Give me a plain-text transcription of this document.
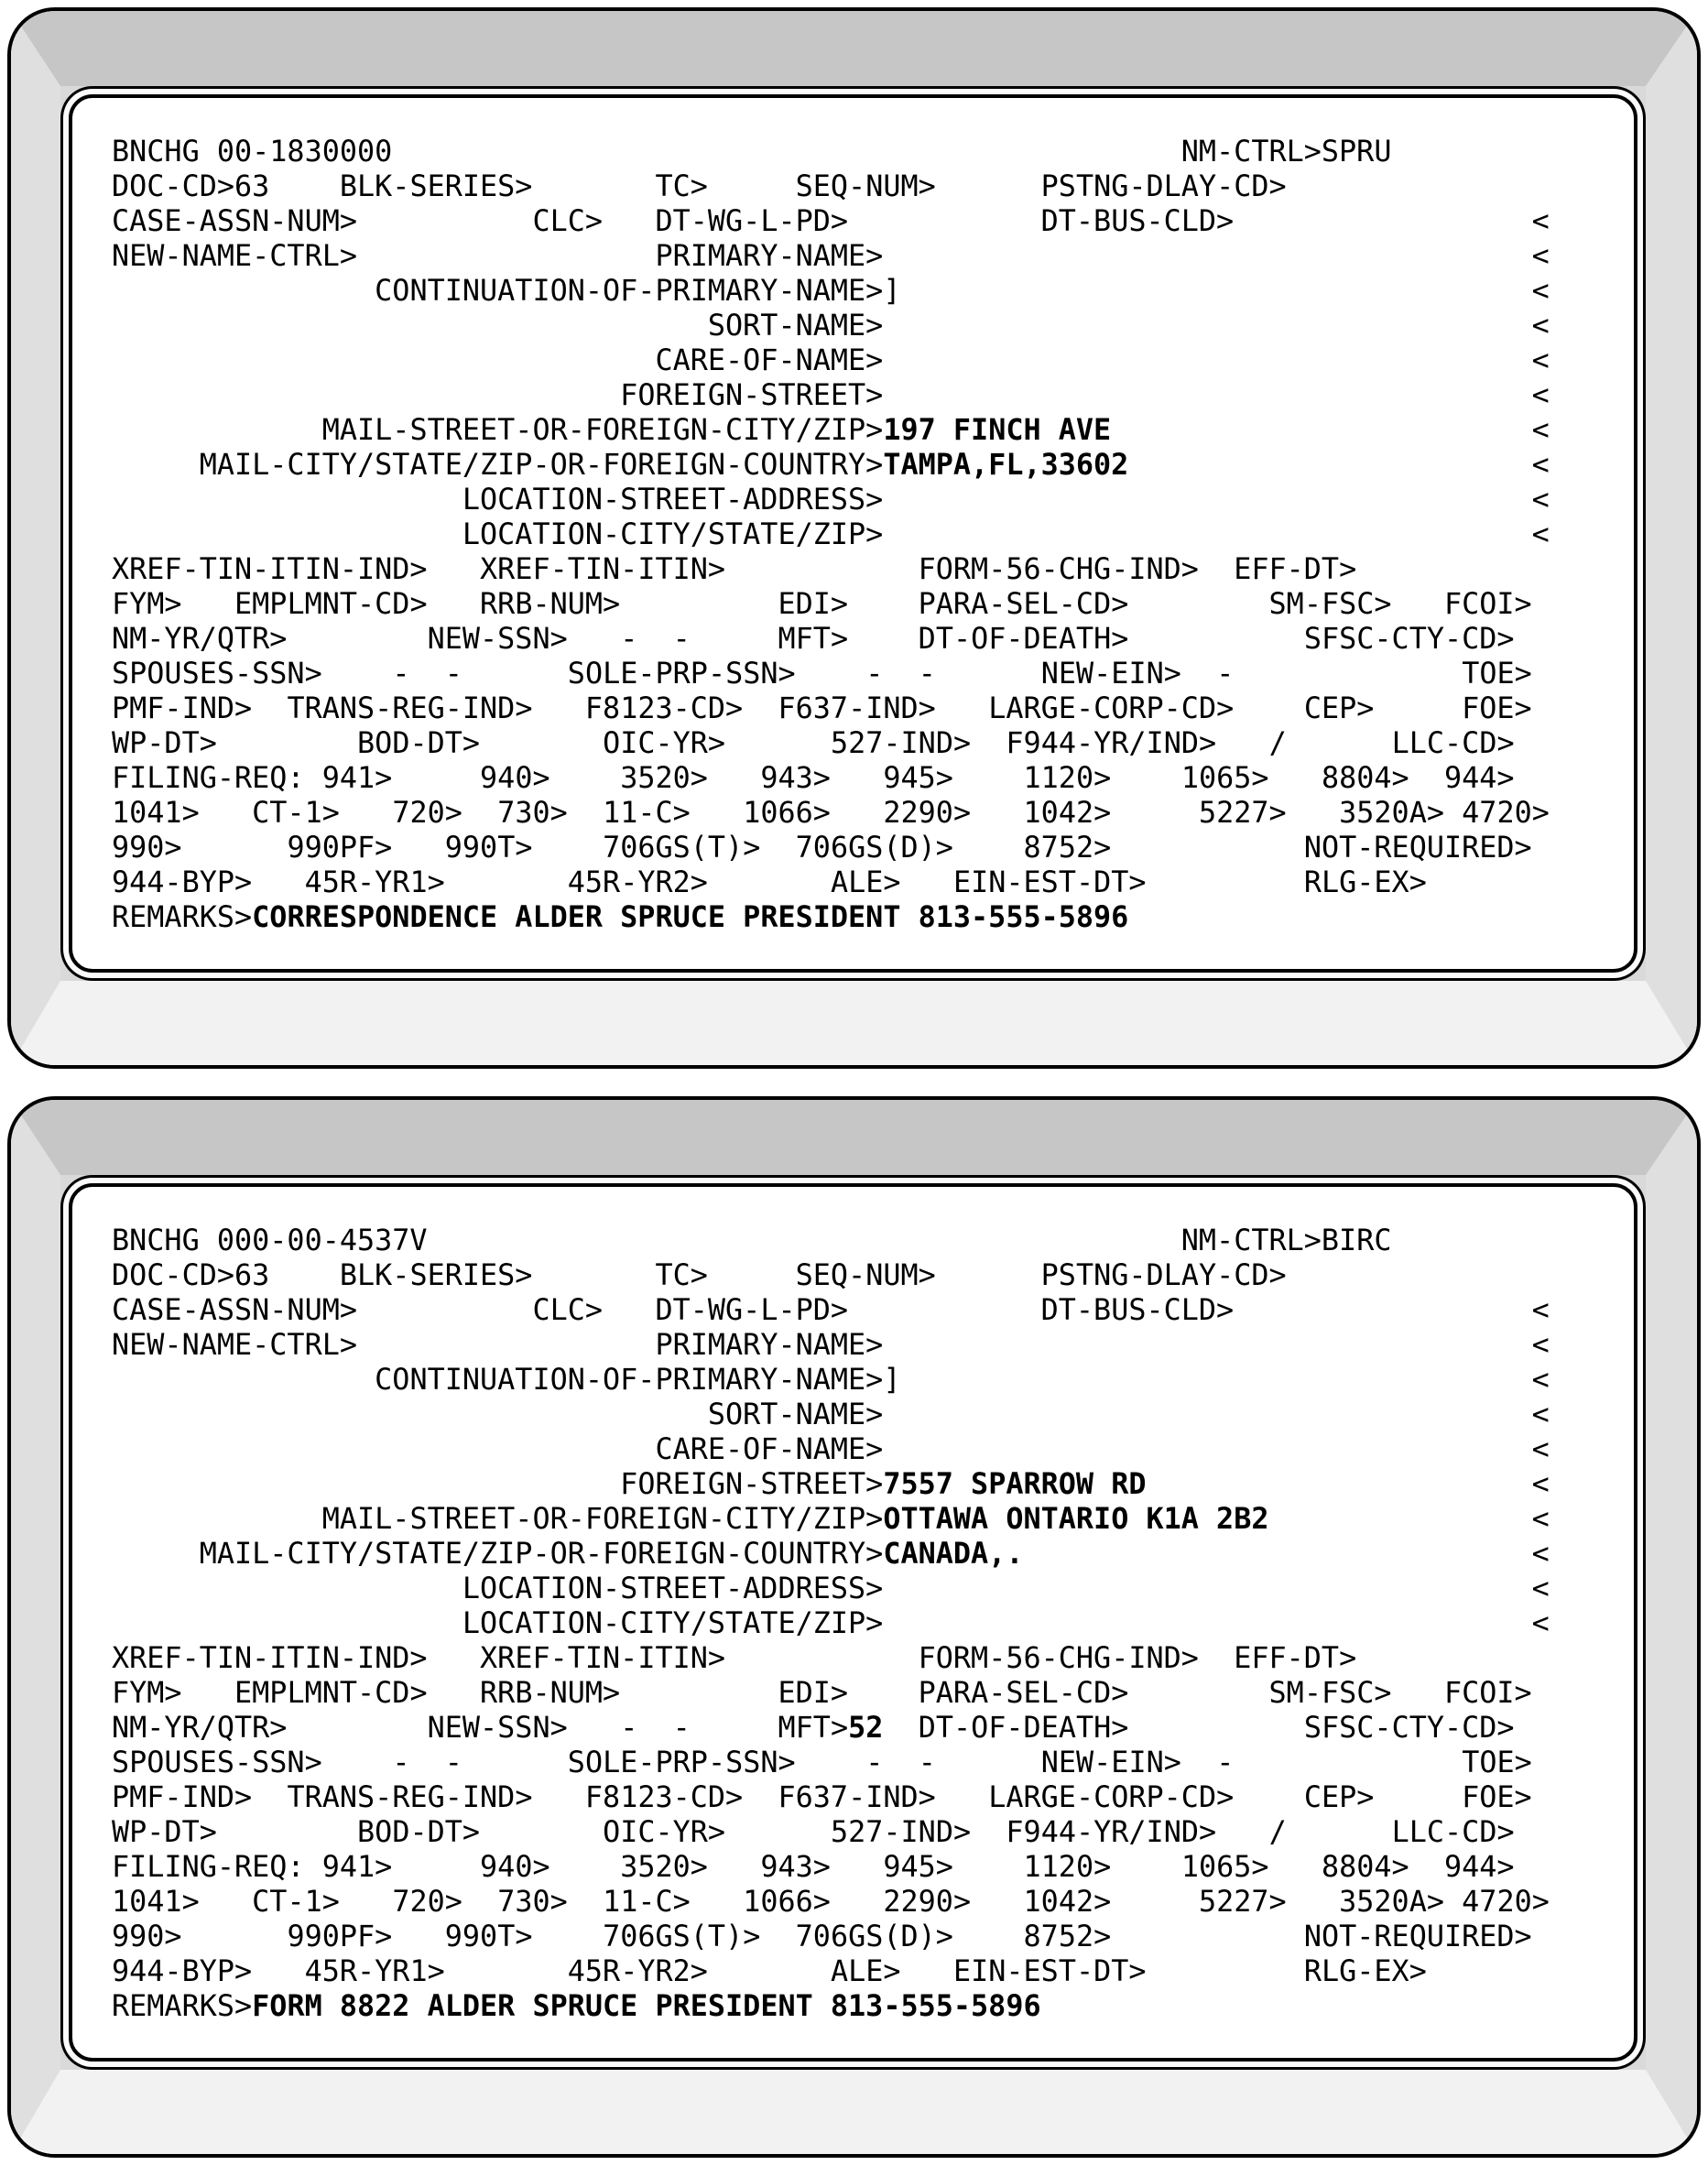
BNCHG 00-1830000	NM-CTRL>SPRU
DOC-CD>63 BLK-SERIES>	TC>	SEQ-NUM>	PSTNG-DLAY-CD>
CASE-ASSN-NUM>	CLC> DT-WG-L-PD>	DT-BUS-CLD>	<
NEW-NAME-CTRL>	PRIMARY-NAME>	<
CONTINUATION-OF-PRIMARY-NAME>]	<
SORT-NAME>	<
CARE-OF-NAME>	<
FOREIGN-STREET>	<
MAIL-STREET-OR-FOREIGN-CITY/ZIP>197 FINCH AVE	<
MAIL-CITY/STATE/ZIP-OR-FOREIGN-COUNTRY>TAMPA,FL,33602	<
LOCATION-STREET-ADDRESS>	<
LOCATION-CITY/STATE/ZIP>	<
XREF-TIN-ITIN-IND> XREF-TIN-ITIN>	FORM-56-CHG-IND> EFF-DT>
FYM> EMPLMNT-CD> RRB-NUM>	EDI> PARA-SEL-CD>	SM-FSC> FCOI>
NM-YR/QTR>	NEW-SSN> - -	MFT> DT-OF-DEATH>	SFSC-CTY-CD>
SPOUSES-SSN> - -	SOLE-PRP-SSN> - -	NEW-EIN> -	TOE>
PMF-IND> TRANS-REG-IND> F8123-CD> F637-IND> LARGE-CORP-CD> CEP>	FOE>
WP-DT>	BOD-DT>	OIC-YR>	527-IND> F944-YR/IND> /	LLC-CD>
FILING-REQ: 941>	940> 3520> 943> 945> 1120> 1065> 8804> 944>
1041> CT-1> 720> 730> 11-C> 1066> 2290> 1042>	5227> 3520A> 4720>
990>	990PF> 990T> 706GS(T)> 706GS(D)> 8752>	NOT-REQUIRED>
944-BYP> 45R-YR1>	45R-YR2>	ALE> EIN-EST-DT>	RLG-EX>
REMARKS>CORRESPONDENCE ALDER SPRUCE PRESIDENT 813-555-5896
BNCHG 000-00-4537V	NM-CTRL>BIRC
DOC-CD>63 BLK-SERIES>	TC>	SEQ-NUM>	PSTNG-DLAY-CD>
CASE-ASSN-NUM>	CLC> DT-WG-L-PD>	DT-BUS-CLD>	<
NEW-NAME-CTRL>	PRIMARY-NAME>	<
CONTINUATION-OF-PRIMARY-NAME>]	<
SORT-NAME>	<
CARE-OF-NAME>	<
FOREIGN-STREET>7557 SPARROW RD	<
MAIL-STREET-OR-FOREIGN-CITY/ZIP>OTTAWA ONTARIO K1A 2B2	<
MAIL-CITY/STATE/ZIP-OR-FOREIGN-COUNTRY>CANADA,.	<
LOCATION-STREET-ADDRESS>	<
LOCATION-CITY/STATE/ZIP>	<
XREF-TIN-ITIN-IND> XREF-TIN-ITIN>	FORM-56-CHG-IND> EFF-DT>
FYM> EMPLMNT-CD> RRB-NUM>	EDI> PARA-SEL-CD>	SM-FSC> FCOI>
NM-YR/QTR>	NEW-SSN> - -	MFT>52 DT-OF-DEATH>	SFSC-CTY-CD>
SPOUSES-SSN> - -	SOLE-PRP-SSN> - -	NEW-EIN> -	TOE>
PMF-IND> TRANS-REG-IND> F8123-CD> F637-IND> LARGE-CORP-CD> CEP>	FOE>
WP-DT>	BOD-DT>	OIC-YR>	527-IND> F944-YR/IND> /	LLC-CD>
FILING-REQ: 941>	940> 3520> 943> 945> 1120> 1065> 8804> 944>
1041> CT-1> 720> 730> 11-C> 1066> 2290> 1042>	5227> 3520A> 4720>
990>	990PF> 990T> 706GS(T)> 706GS(D)> 8752>	NOT-REQUIRED>
944-BYP> 45R-YR1>	45R-YR2>	ALE> EIN-EST-DT>	RLG-EX>
REMARKS>FORM 8822 ALDER SPRUCE PRESIDENT 813-555-5896
